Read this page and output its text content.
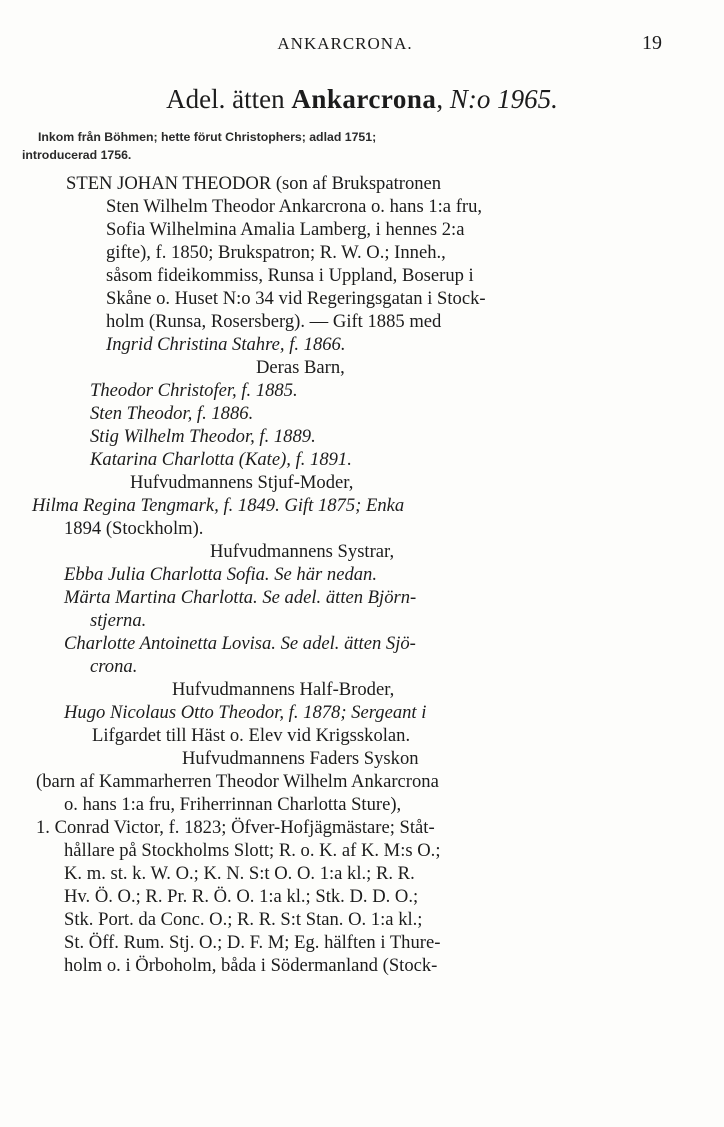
ANKARCRONA.	19
Adel. ätten Ankarcrona, N:o 1965.
Inkom från Böhmen; hette förut Christophers; adlad 1751;
introducerad 1756.
STEN JOHAN THEODOR (son af Brukspatronen
Sten Wilhelm Theodor Ankarcrona o. hans 1:a fru,
Sofia Wilhelmina Amalia Lamberg, i hennes 2:a
gifte), f. 1850; Brukspatron; R. W. O.; Inneh.,
såsom fideikommiss, Runsa i Uppland, Boserup i
Skåne o. Huset N:o 34 vid Regeringsgatan i Stock-
holm (Runsa, Rosersberg). — Gift 1885 med
Ingrid Christina Stahre, f. 1866.
Deras Barn,
Theodor Christofer, f. 1885.
Sten Theodor, f. 1886.
Stig Wilhelm Theodor, f. 1889.
Katarina Charlotta (Kate), f. 1891.
Hufvudmannens Stjuf-Moder,
Hilma Regina Tengmark, f. 1849. Gift 1875; Enka
1894 (Stockholm).
Hufvudmannens Systrar,
Ebba Julia Charlotta Sofia. Se här nedan.
Märta Martina Charlotta. Se adel. ätten Björn-
stjerna.
Charlotte Antoinetta Lovisa. Se adel. ätten Sjö-
crona.
Hufvudmannens Half-Broder,
Hugo Nicolaus Otto Theodor, f. 1878; Sergeant i
Lifgardet till Häst o. Elev vid Krigsskolan.
Hufvudmannens Faders Syskon
(barn af Kammarherren Theodor Wilhelm Ankarcrona
o. hans 1:a fru, Friherrinnan Charlotta Sture),
1. Conrad Victor, f. 1823; Öfver-Hofjägmästare; Ståt-
hållare på Stockholms Slott; R. o. K. af K. M:s O.;
K. m. st. k. W. O.; K. N. S:t O. O. 1:a kl.; R. R.
Hv. Ö. O.; R. Pr. R. Ö. O. 1:a kl.; Stk. D. D. O.;
Stk. Port. da Conc. O.; R. R. S:t Stan. O. 1:a kl.;
St. Öff. Rum. Stj. O.; D. F. M; Eg. hälften i Thure-
holm o. i Örboholm, båda i Södermanland (Stock-
